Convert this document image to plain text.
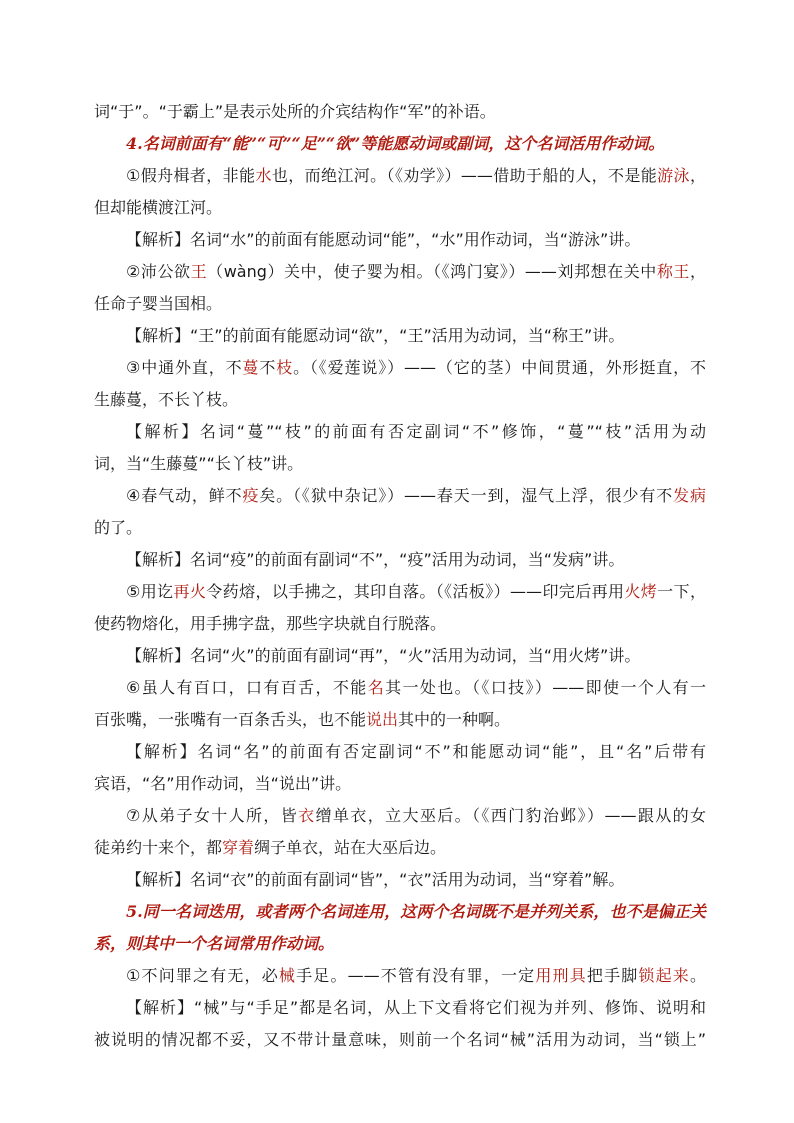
词“于”。“于霸上”是表示处所的介宾结构作“军”的补语。
4.名词前面有“能”“可”“足”“欲”等能愿动词或副词，这个名词活用作动词。
①假舟楫者，非能水也，而绝江河。（《劝学》）——借助于船的人，不是能游泳，
但却能横渡江河。
【解析】名词“水”的前面有能愿动词“能”，“水”用作动词，当“游泳”讲。
②沛公欲王（wàng）关中，使子婴为相。（《鸿门宴》）——刘邦想在关中称王，
任命子婴当国相。
【解析】“王”的前面有能愿动词“欲”，“王”活用为动词，当“称王”讲。
③中通外直，不蔓不枝。（《爱莲说》）——（它的茎）中间贯通，外形挺直，不
生藤蔓，不长丫枝。
【解析】名词“蔓”“枝”的前面有否定副词“不”修饰，“蔓”“枝”活用为动
词，当“生藤蔓”“长丫枝”讲。
④春气动，鲜不疫矣。（《狱中杂记》）——春天一到，湿气上浮，很少有不发病
的了。
【解析】名词“疫”的前面有副词“不”，“疫”活用为动词，当“发病”讲。
⑤用讫再火令药熔，以手拂之，其印自落。（《活板》）——印完后再用火烤一下，
使药物熔化，用手拂字盘，那些字块就自行脱落。
【解析】名词“火”的前面有副词“再”，“火”活用为动词，当“用火烤”讲。
⑥虽人有百口，口有百舌，不能名其一处也。（《口技》）——即使一个人有一
百张嘴，一张嘴有一百条舌头，也不能说出其中的一种啊。
【解析】名词“名”的前面有否定副词“不”和能愿动词“能”，且“名”后带有
宾语，“名”用作动词，当“说出”讲。
⑦从弟子女十人所，皆衣缯单衣，立大巫后。（《西门豹治邺》）——跟从的女
徒弟约十来个，都穿着绸子单衣，站在大巫后边。
【解析】名词“衣”的前面有副词“皆”，“衣”活用为动词，当“穿着”解。
5.同一名词迭用，或者两个名词连用，这两个名词既不是并列关系，也不是偏正关
系，则其中一个名词常用作动词。
①不问罪之有无，必械手足。——不管有没有罪，一定用刑具把手脚锁起来。
【解析】“械”与“手足”都是名词，从上下文看将它们视为并列、修饰、说明和
被说明的情况都不妥，又不带计量意味，则前一个名词“械”活用为动词，当“锁上”
